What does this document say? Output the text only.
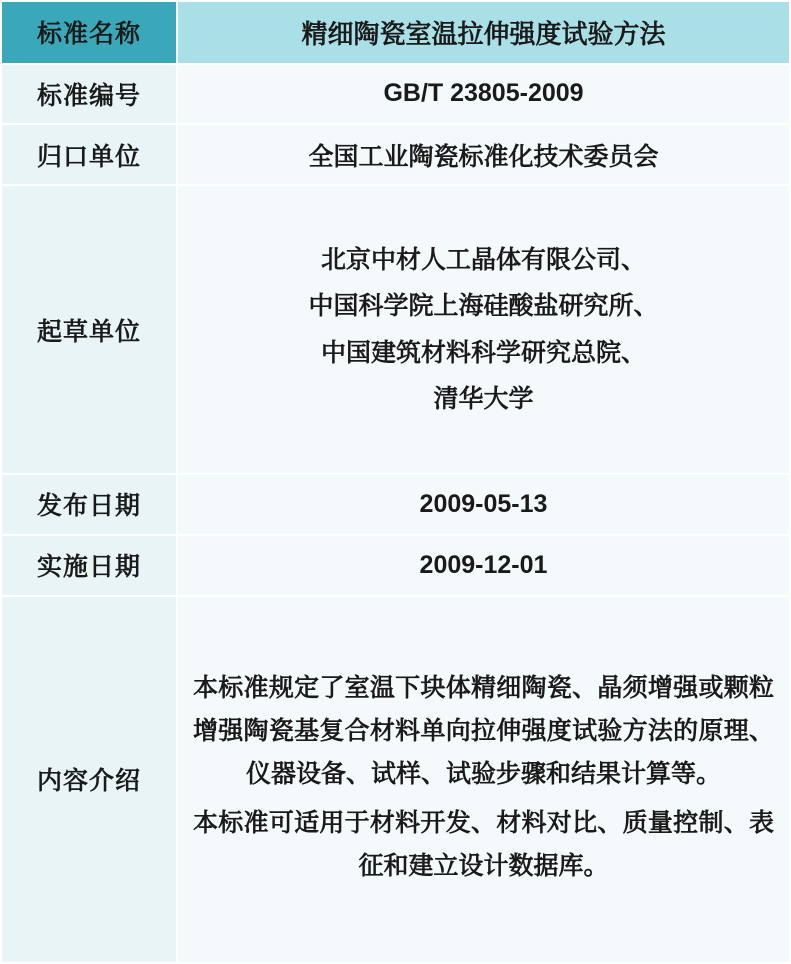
标准名称	精细陶瓷室温拉伸强度试验方法
标准编号	GB/T 23805-2009
归口单位	全国工业陶瓷标准化技术委员会
起草单位	北京中材人工晶体有限公司、
中国科学院上海硅酸盐研究所、
中国建筑材料科学研究总院、
清华大学

发布日期	2009-05-13
实施日期	2009-12-01
内容介绍	本标准规定了室温下块体精细陶瓷、晶须增强或颗粒增强陶瓷基复合材料单向拉伸强度试验方法的原理、仪器设备、试样、试验步骤和结果计算等。

本标准可适用于材料开发、材料对比、质量控制、表征和建立设计数据库。
